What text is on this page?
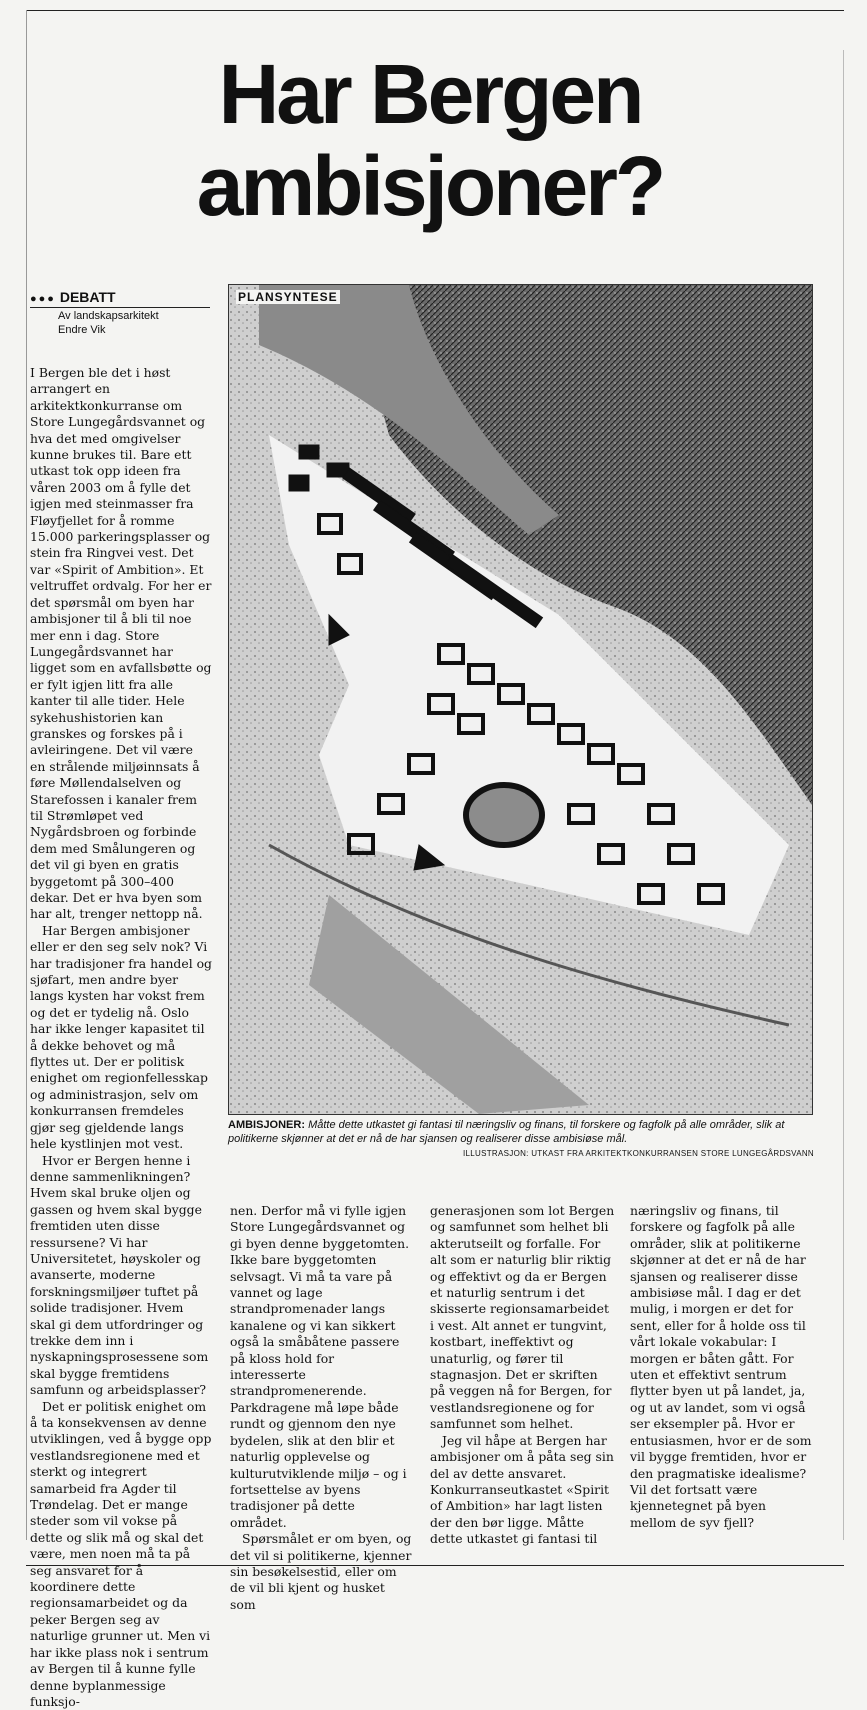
Har Bergen
ambisjoner?
●●● DEBATT
Av landskapsarkitekt
Endre Vik

I Bergen ble det i høst arrangert en arkitektkonkurranse om Store Lungegårdsvannet og hva det med omgivelser kunne brukes til. Bare ett utkast tok opp ideen fra våren 2003 om å fylle det igjen med steinmasser fra Fløyfjellet for å romme 15.000 parkeringsplasser og stein fra Ringvei vest. Det var «Spirit of Ambition». Et veltruffet ordvalg. For her er det spørsmål om byen har ambisjoner til å bli til noe mer enn i dag. Store Lungegårdsvannet har ligget som en avfallsbøtte og er fylt igjen litt fra alle kanter til alle tider. Hele sykehushistorien kan granskes og forskes på i avleiringene. Det vil være en strålende miljøinnsats å føre Møllendalselven og Starefossen i kanaler frem til Strømløpet ved Nygårdsbroen og forbinde dem med Smålungeren og det vil gi byen en gratis byggetomt på 300–400 dekar. Det er hva byen som har alt, trenger nettopp nå.

Har Bergen ambisjoner eller er den seg selv nok? Vi har tradisjoner fra handel og sjøfart, men andre byer langs kysten har vokst frem og det er tydelig nå. Oslo har ikke lenger kapasitet til å dekke behovet og må flyttes ut. Der er politisk enighet om regionfellesskap og administrasjon, selv om konkurransen fremdeles gjør seg gjeldende langs hele kystlinjen mot vest.

Hvor er Bergen henne i denne sammenlikningen? Hvem skal bruke oljen og gassen og hvem skal bygge fremtiden uten disse ressursene? Vi har Universitetet, høyskoler og avanserte, moderne forskningsmiljøer tuftet på solide tradisjoner. Hvem skal gi dem utfordringer og trekke dem inn i nyskapningsprosessene som skal bygge fremtidens samfunn og arbeidsplasser?

Det er politisk enighet om å ta konsekvensen av denne utviklingen, ved å bygge opp vestlandsregionene med et sterkt og integrert samarbeid fra Agder til Trøndelag. Det er mange steder som vil vokse på dette og slik må og skal det være, men noen må ta på seg ansvaret for å koordinere dette regionsamarbeidet og da peker Bergen seg av naturlige grunner ut. Men vi har ikke plass nok i sentrum av Bergen til å kunne fylle denne byplanmessige funksjo-

PLANSYNTESE
AMBISJONER: Måtte dette utkastet gi fantasi til næringsliv og finans, til forskere og fagfolk på alle områder, slik at politikerne skjønner at det er nå de har sjansen og realiserer disse ambisiøse mål.
ILLUSTRASJON: UTKAST FRA ARKITEKTKONKURRANSEN STORE LUNGEGÅRDSVANN

nen. Derfor må vi fylle igjen Store Lungegårdsvannet og gi byen denne byggetomten. Ikke bare byggetomten selvsagt. Vi må ta vare på vannet og lage strandpromenader langs kanalene og vi kan sikkert også la småbåtene passere på kloss hold for interesserte strandpromenerende. Parkdragene må løpe både rundt og gjennom den nye bydelen, slik at den blir et naturlig opplevelse og kulturutviklende miljø – og i fortsettelse av byens tradisjoner på dette området.

Spørsmålet er om byen, og det vil si politikerne, kjenner sin besøkelsestid, eller om de vil bli kjent og husket som

generasjonen som lot Bergen og samfunnet som helhet bli akterutseilt og forfalle. For alt som er naturlig blir riktig og effektivt og da er Bergen et naturlig sentrum i det skisserte regionsamarbeidet i vest. Alt annet er tungvint, kostbart, ineffektivt og unaturlig, og fører til stagnasjon. Det er skriften på veggen nå for Bergen, for vestlandsregionene og for samfunnet som helhet.

Jeg vil håpe at Bergen har ambisjoner om å påta seg sin del av dette ansvaret. Konkurranseutkastet «Spirit of Ambition» har lagt listen der den bør ligge. Måtte dette utkastet gi fantasi til

næringsliv og finans, til forskere og fagfolk på alle områder, slik at politikerne skjønner at det er nå de har sjansen og realiserer disse ambisiøse mål. I dag er det mulig, i morgen er det for sent, eller for å holde oss til vårt lokale vokabular: I morgen er båten gått. For uten et effektivt sentrum flytter byen ut på landet, ja, og ut av landet, som vi også ser eksempler på. Hvor er entusiasmen, hvor er de som vil bygge fremtiden, hvor er den pragmatiske idealisme? Vil det fortsatt være kjennetegnet på byen mellom de syv fjell?
